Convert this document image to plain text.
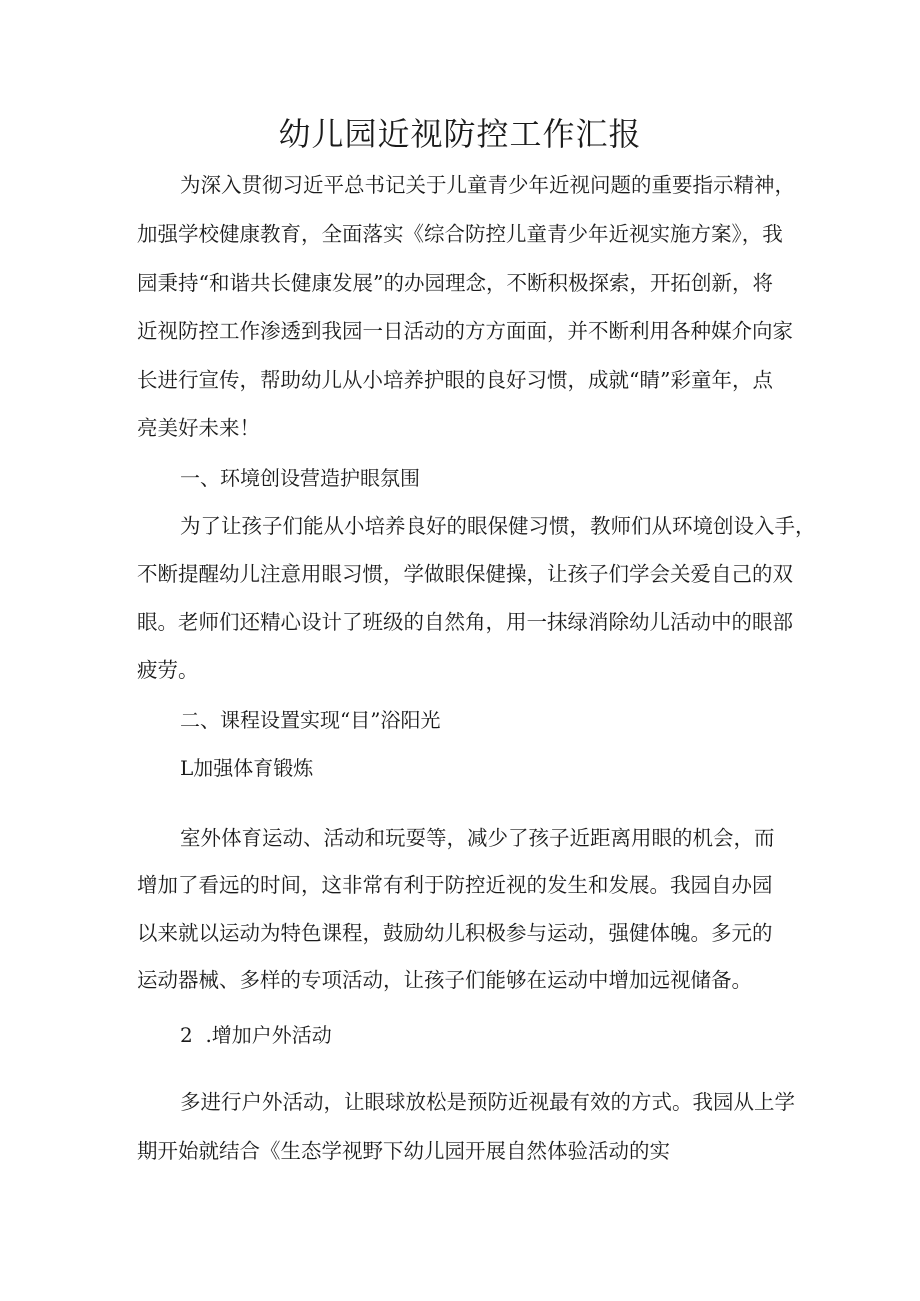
幼儿园近视防控工作汇报

为深入贯彻习近平总书记关于儿童青少年近视问题的重要指示精神，

加强学校健康教育，全面落实《综合防控儿童青少年近视实施方案》，我

园秉持“和谐共长健康发展”的办园理念，不断积极探索，开拓创新，将

近视防控工作渗透到我园一日活动的方方面面，并不断利用各种媒介向家

长进行宣传，帮助幼儿从小培养护眼的良好习惯，成就“睛”彩童年，点

亮美好未来！

一、环境创设营造护眼氛围

为了让孩子们能从小培养良好的眼保健习惯，教师们从环境创设入手，

不断提醒幼儿注意用眼习惯，学做眼保健操，让孩子们学会关爱自己的双

眼。老师们还精心设计了班级的自然角，用一抹绿消除幼儿活动中的眼部

疲劳。

二、课程设置实现“目”浴阳光

L加强体育锻炼

室外体育运动、活动和玩耍等，减少了孩子近距离用眼的机会，而

增加了看远的时间，这非常有利于防控近视的发生和发展。我园自办园

以来就以运动为特色课程，鼓励幼儿积极参与运动，强健体魄。多元的

运动器械、多样的专项活动，让孩子们能够在运动中增加远视储备。

2  .增加户外活动

多进行户外活动，让眼球放松是预防近视最有效的方式。我园从上学

期开始就结合《生态学视野下幼儿园开展自然体验活动的实
